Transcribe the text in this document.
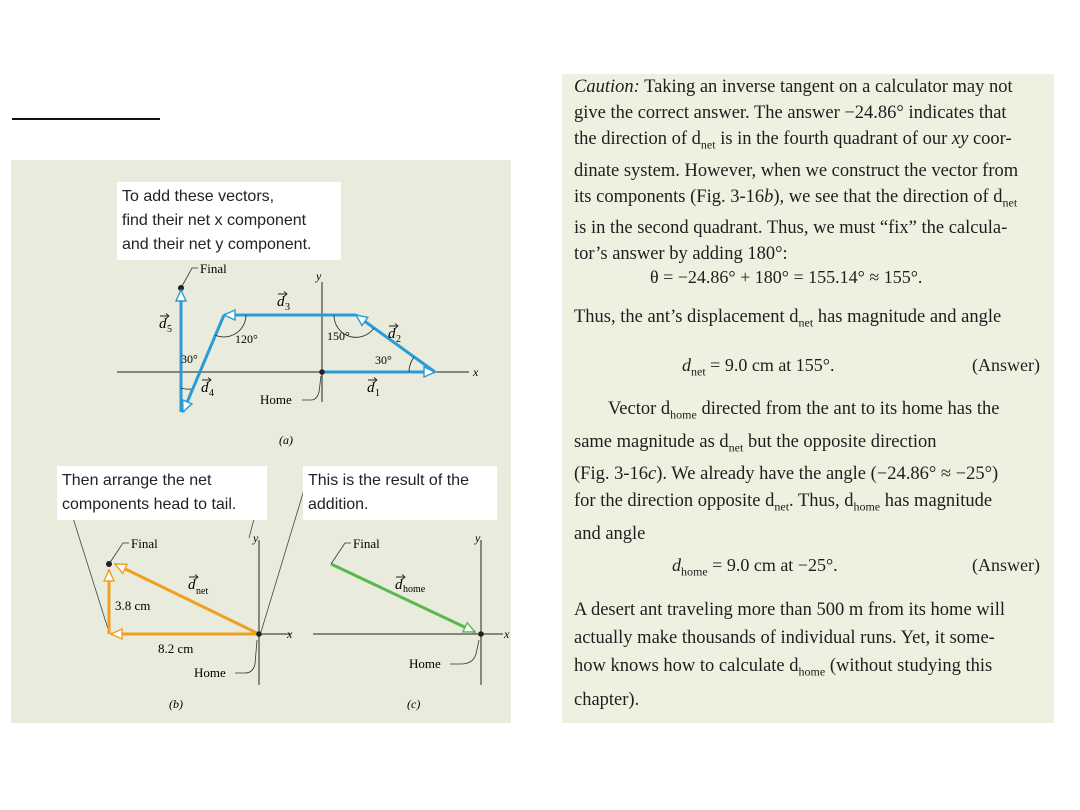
y
x
Final
120°	150°
30°
30°
d 1
d 2
d 3
d 4
d 5
Home
(a)
y
x
Final
d net
3.8 cm
8.2 cm
Home
(b)
y
x
Final
d home
Home
(c)
To add these vectors,
find their net x component
and their net y component.
Then arrange the net
components head to tail.
This is the result of the
addition.
Caution: Taking an inverse tangent on a calculator may not
give the correct answer. The answer −24.86° indicates that
the direction of $d_{net}$ is in the fourth quadrant of our xy coor-
dinate system. However, when we construct the vector from
its components (Fig. 3-16b), we see that the direction of $d_{net}$
is in the second quadrant. Thus, we must “fix” the calcula-
tor’s answer by adding 180°:
θ = −24.86° + 180° = 155.14° ≈ 155°.
Thus, the ant’s displacement $d_{net}$ has magnitude and angle
$d_{net} = 9.0$ cm at 155°.	(Answer)
Vector $d_{home}$ directed from the ant to its home has the
same magnitude as $d_{net}$ but the opposite direction
(Fig. 3-16c). We already have the angle (−24.86° ≈ −25°)
for the direction opposite $d_{net}$. Thus, $d_{home}$ has magnitude
and angle
$d_{home} = 9.0$ cm at −25°.	(Answer)
A desert ant traveling more than 500 m from its home will
actually make thousands of individual runs. Yet, it some-
how knows how to calculate $d_{home}$ (without studying this
chapter).
